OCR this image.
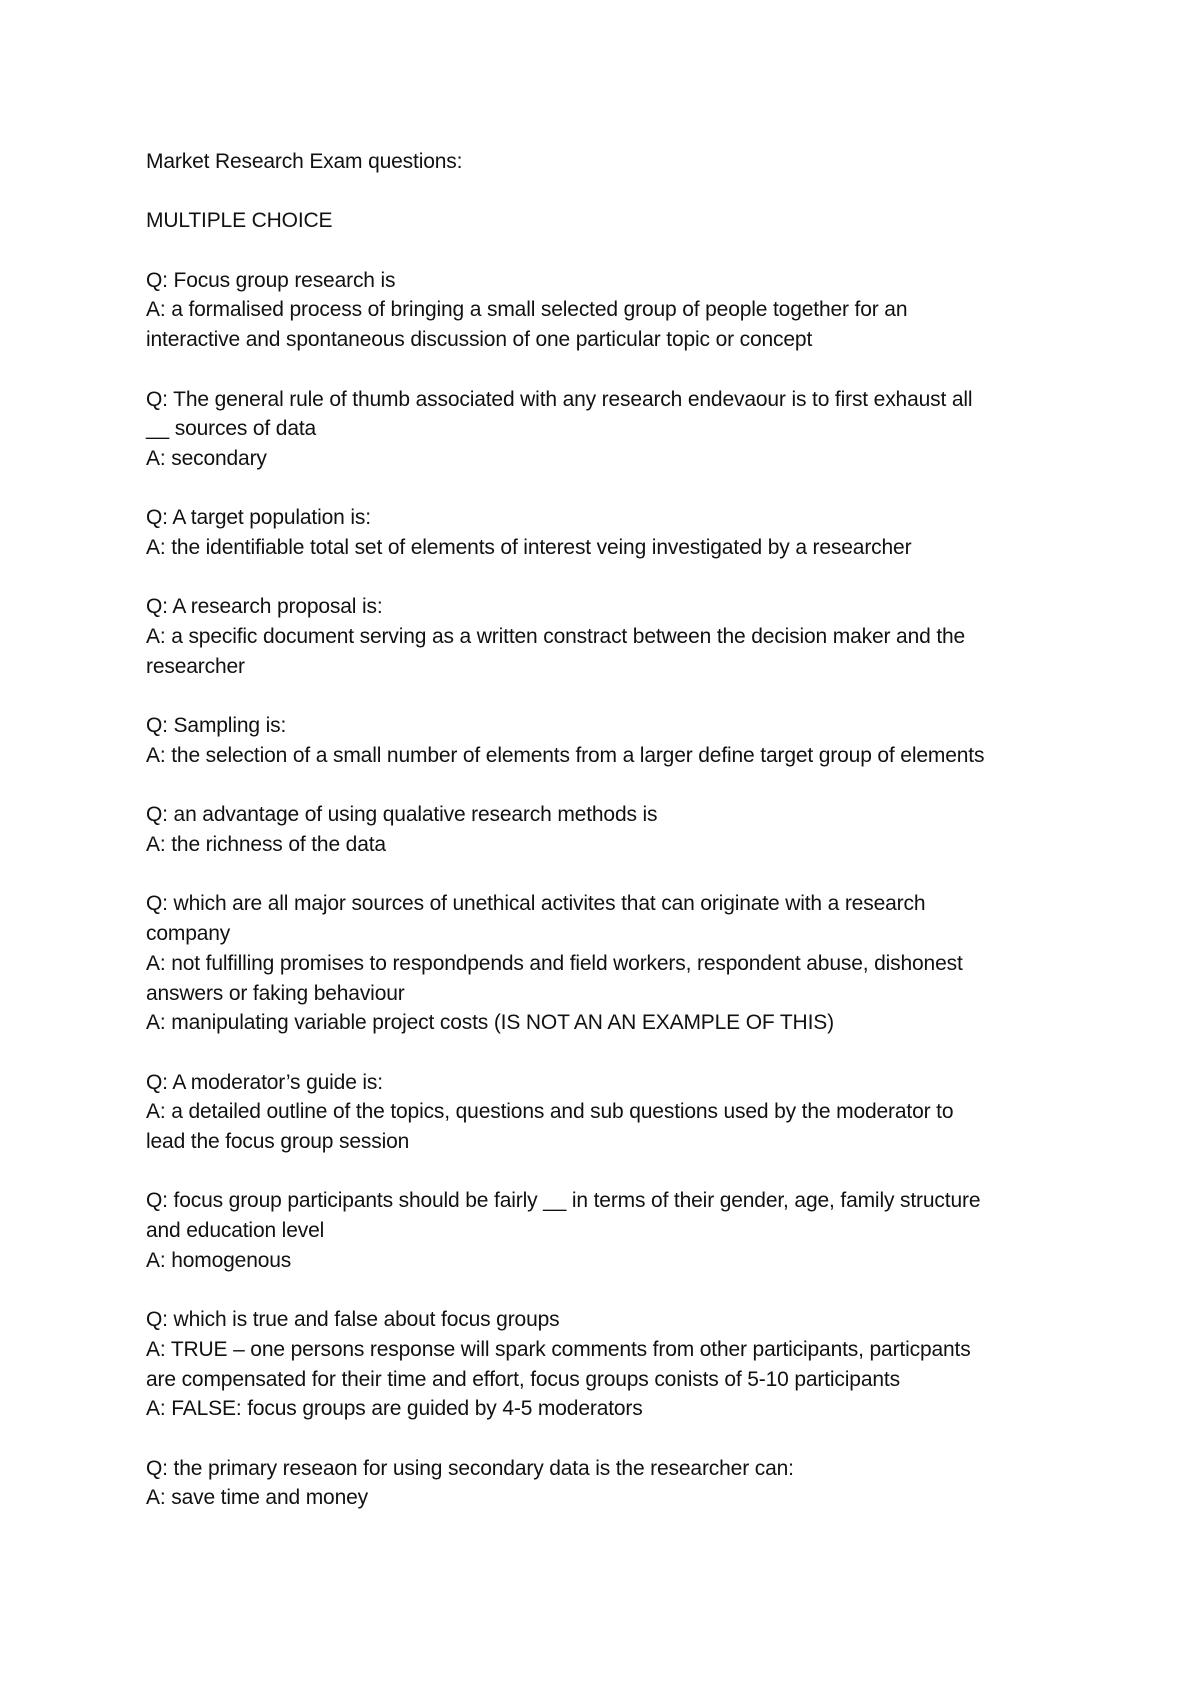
Market Research Exam questions:
MULTIPLE CHOICE
Q: Focus group research is
A: a formalised process of bringing a small selected group of people together for an
interactive and spontaneous discussion of one particular topic or concept
Q: The general rule of thumb associated with any research endevaour is to first exhaust all
__ sources of data
A: secondary
Q: A target population is:
A: the identifiable total set of elements of interest veing investigated by a researcher
Q: A research proposal is:
A: a specific document serving as a written constract between the decision maker and the
researcher
Q: Sampling is:
A: the selection of a small number of elements from a larger define target group of elements
Q: an advantage of using qualative research methods is
A: the richness of the data
Q: which are all major sources of unethical activites that can originate with a research
company
A: not fulfilling promises to respondpends and field workers, respondent abuse, dishonest
answers or faking behaviour
A: manipulating variable project costs (IS NOT AN AN EXAMPLE OF THIS)
Q: A moderator’s guide is:
A: a detailed outline of the topics, questions and sub questions used by the moderator to
lead the focus group session
Q: focus group participants should be fairly __ in terms of their gender, age, family structure
and education level
A: homogenous
Q: which is true and false about focus groups
A: TRUE – one persons response will spark comments from other participants, particpants
are compensated for their time and effort, focus groups conists of 5-10 participants
A: FALSE: focus groups are guided by 4-5 moderators
Q: the primary reseaon for using secondary data is the researcher can:
A: save time and money
